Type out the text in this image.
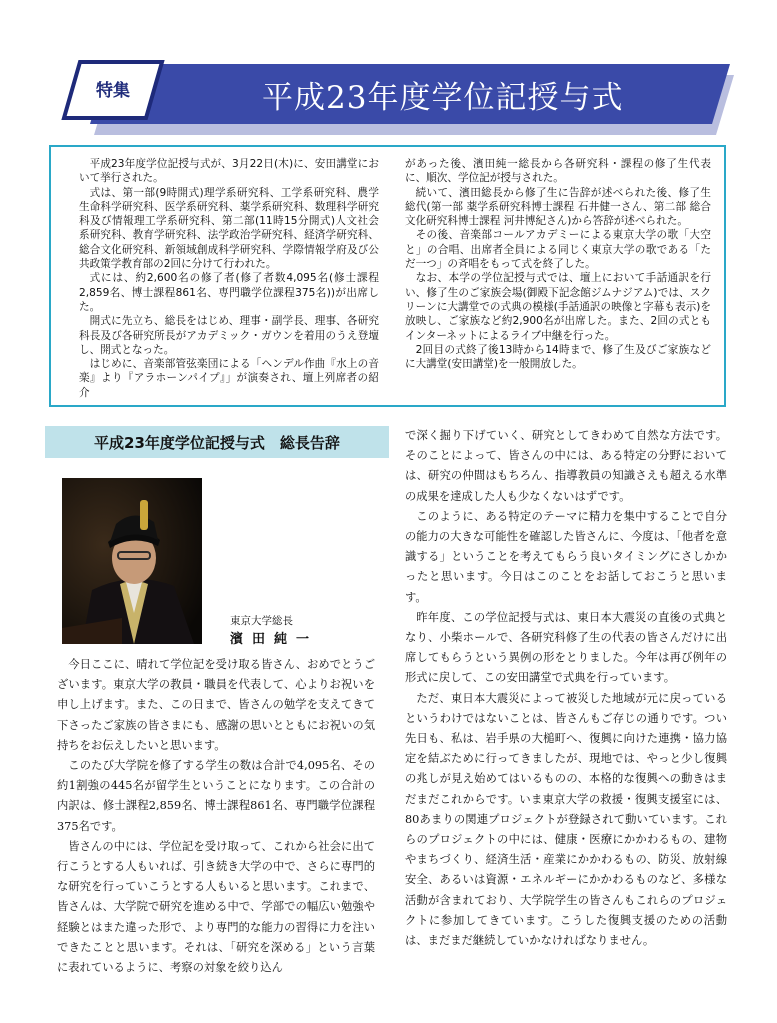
特集	平成23年度学位記授与式

平成23年度学位記授与式が、3月22日(木)に、安田講堂において挙行された。

式は、第一部(9時開式)理学系研究科、工学系研究科、農学生命科学研究科、医学系研究科、薬学系研究科、数理科学研究科及び情報理工学系研究科、第二部(11時15分開式)人文社会系研究科、教育学研究科、法学政治学研究科、経済学研究科、総合文化研究科、新領域創成科学研究科、学際情報学府及び公共政策学教育部の2回に分けて行われた。

式には、約2,600名の修了者(修了者数4,095名(修士課程2,859名、博士課程861名、専門職学位課程375名))が出席した。

開式に先立ち、総長をはじめ、理事・副学長、理事、各研究科長及び各研究所長がアカデミック・ガウンを着用のうえ登壇し、開式となった。

はじめに、音楽部管弦楽団による「ヘンデル作曲『水上の音楽』より『アラホーンパイプ』」が演奏され、壇上列席者の紹介

があった後、濱田純一総長から各研究科・課程の修了生代表に、順次、学位記が授与された。

続いて、濱田総長から修了生に告辞が述べられた後、修了生総代(第一部 薬学系研究科博士課程 石井健一さん、第二部 総合文化研究科博士課程 河井博紀さん)から答辞が述べられた。

その後、音楽部コールアカデミーによる東京大学の歌「大空と」の合唱、出席者全員による同じく東京大学の歌である「ただ一つ」の斉唱をもって式を終了した。

なお、本学の学位記授与式では、壇上において手話通訳を行い、修了生のご家族会場(御殿下記念館ジムナジアム)では、スクリーンに大講堂での式典の模様(手話通訳の映像と字幕も表示)を放映し、ご家族など約2,900名が出席した。また、2回の式ともインターネットによるライブ中継を行った。

2回目の式終了後13時から14時まで、修了生及びご家族などに大講堂(安田講堂)を一般開放した。

平成23年度学位記授与式　総長告辞
東京大学総長
濱田純一

今日ここに、晴れて学位記を受け取る皆さん、おめでとうございます。東京大学の教員・職員を代表して、心よりお祝いを申し上げます。また、この日まで、皆さんの勉学を支えてきて下さったご家族の皆さまにも、感謝の思いとともにお祝いの気持ちをお伝えしたいと思います。

このたび大学院を修了する学生の数は合計で4,095名、その約1割強の445名が留学生ということになります。この合計の内訳は、修士課程2,859名、博士課程861名、専門職学位課程375名です。

皆さんの中には、学位記を受け取って、これから社会に出て行こうとする人もいれば、引き続き大学の中で、さらに専門的な研究を行っていこうとする人もいると思います。これまで、皆さんは、大学院で研究を進める中で、学部での幅広い勉強や経験とはまた違った形で、より専門的な能力の習得に力を注いできたことと思います。それは、「研究を深める」という言葉に表れているように、考察の対象を絞り込ん

で深く掘り下げていく、研究としてきわめて自然な方法です。そのことによって、皆さんの中には、ある特定の分野においては、研究の仲間はもちろん、指導教員の知識さえも超える水準の成果を達成した人も少なくないはずです。

このように、ある特定のテーマに精力を集中することで自分の能力の大きな可能性を確認した皆さんに、今度は、「他者を意識する」ということを考えてもらう良いタイミングにさしかかったと思います。今日はこのことをお話しておこうと思います。

昨年度、この学位記授与式は、東日本大震災の直後の式典となり、小柴ホールで、各研究科修了生の代表の皆さんだけに出席してもらうという異例の形をとりました。今年は再び例年の形式に戻して、この安田講堂で式典を行っています。

ただ、東日本大震災によって被災した地域が元に戻っているというわけではないことは、皆さんもご存じの通りです。つい先日も、私は、岩手県の大槌町へ、復興に向けた連携・協力協定を結ぶために行ってきましたが、現地では、やっと少し復興の兆しが見え始めてはいるものの、本格的な復興への動きはまだまだこれからです。いま東京大学の救援・復興支援室には、80あまりの関連プロジェクトが登録されて動いています。これらのプロジェクトの中には、健康・医療にかかわるもの、建物やまちづくり、経済生活・産業にかかわるもの、防災、放射線安全、あるいは資源・エネルギーにかかわるものなど、多様な活動が含まれており、大学院学生の皆さんもこれらのプロジェクトに参加してきています。こうした復興支援のための活動は、まだまだ継続していかなければなりません。
